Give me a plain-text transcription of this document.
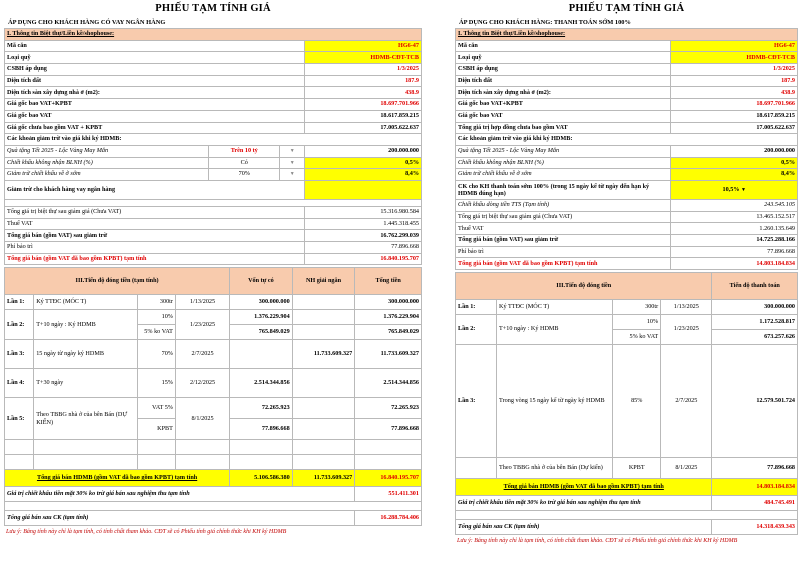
PHIẾU TẠM TÍNH GIÁ
ÁP DỤNG CHO KHÁCH HÀNG CÓ VAY NGÂN HÀNG
I. Thông tin Biệt thự/Liền kề/shophouse:			
Mã căn			HG6-47
Loại quỹ			HDMB-CĐT-TCB
CSBH áp dụng			1/3/2025
Diện tích đất			187.9
Diện tích sàn xây dựng nhà ở (m2):			438.9
Giá gốc bao VAT+KPBT			18.697.701.966
Giá gốc bao VAT			18.617.859.215
Giá gốc chưa bao gồm VAT + KPBT			17.005.622.637
Các khoản giảm trừ vào giá khi ký HDMB:			
Quà tặng Tết 2025 - Lộc Vàng May Mắn	Trên 10 tỷ	▼	200.000.000
Chiết khấu không nhận BLNH (%)	Có	▼	0,5%
Giảm trừ chiết khấu về ở sớm	70%	▼	8,4%
Giảm trừ cho khách hàng vay ngân hàng			

Tổng giá trị biệt thự sau giảm giá (Chưa VAT)			15.316.980.584
Thuế VAT			1.445.318.455
Tổng giá bán (gồm VAT) sau giảm trừ			16.762.299.039
Phí bảo trì			77.896.668
Tổng giá bán (gồm VAT đã bao gồm KPBT) tạm tính			16.840.195.707
III.Tiến độ đóng tiền (tạm tính)				Vốn tự có	NH giải ngân	Tổng tiền
Lần 1:	Ký TTĐC (MÓC T)	300tr	1/13/2025	300.000.000		300.000.000
Lần 2:	T+10 ngày : Ký HDMB	10%	1/23/2025	1.376.229.904		1.376.229.904
		5% ko VAT		765.849.029		765.849.029
Lần 3:	15 ngày từ ngày ký HDMB	70%	2/7/2025		11.733.609.327	11.733.609.327
Lần 4:	T+30 ngày	15%	2/12/2025	2.514.344.856		2.514.344.856
Lần 5:	Theo TBBG nhà ở của bên Bán (DỰ KIẾN)	VAT 5%	8/1/2025	72.265.923		72.265.923
		KPBT		77.896.668		77.896.668

Tổng giá bán HDMB (gồm VAT đã bao gồm KPBT) tạm tính				5.106.586.380	11.733.609.327	16.840.195.707
Giá trị chiết khấu tiền mặt 30% ko trừ giá bán sau nghiệm thu tạm tính						551.411.301

Tổng giá bán sau CK (tạm tính)						16.288.784.406
Lưu ý: Bảng tính này chỉ là tạm tính, có tính chất tham khảo. CĐT sẽ có Phiếu tính giá chính thức khi KH ký HDMB
PHIẾU TẠM TÍNH GIÁ
ÁP DỤNG CHO KHÁCH HÀNG: THANH TOÁN SỚM 100%
I. Thông tin Biệt thự/Liền kề/shophouse:	
Mã căn	HG6-47
Loại quỹ	HDMB-CĐT-TCB
CSBH áp dụng	1/3/2025
Diện tích đất	187.9
Diện tích sàn xây dựng nhà ở (m2):	438.9
Giá gốc bao VAT+KPBT	18.697.701.966
Giá gốc bao VAT	18.617.859.215
Tổng giá trị hợp đồng chưa bao gồm VAT	17.005.622.637
Các khoản giảm trừ vào giá khi ký HDMB:	
Quà tặng Tết 2025 - Lộc Vàng May Mắn	200.000.000
Chiết khấu không nhận BLNH (%)	0,5%
Giảm trừ chiết khấu về ở sớm	8,4%
CK cho KH thanh toán sớm 100% (trong 15 ngày kể từ ngày đến hạn ký HDMB đúng hạn)	10,5% ▼
Chiết khấu dòng tiền TTS (Tạm tính)	243.545.105
Tổng giá trị biệt thự sau giảm giá (Chưa VAT)	13.465.152.517
Thuế VAT	1.260.135.649
Tổng giá bán (gồm VAT) sau giảm trừ	14.725.288.166
Phí bảo trì	77.896.668
Tổng giá bán (gồm VAT đã bao gồm KPBT) tạm tính	14.803.184.834
III.Tiến độ đóng tiền				Tiến độ thanh toán
Lần 1:	Ký TTĐC (MÓC T)	300tr	1/13/2025	300.000.000
Lần 2:	T+10 ngày : Ký HDMB	10%	1/23/2025	1.172.528.817
		5% ko VAT		673.257.626
Lần 3:	Trong vòng 15 ngày kể từ ngày ký HDMB	85%	2/7/2025	12.579.501.724
	Theo TBBG nhà ở của bên Bán (Dự kiến)	KPBT	8/1/2025	77.896.668
Tổng giá bán HDMB (gồm VAT đã bao gồm KPBT) tạm tính				14.803.184.834
Giá trị chiết khấu tiền mặt 30% ko trừ giá bán sau nghiệm thu tạm tính				484.745.491

Tổng giá bán sau CK (tạm tính)				14.318.439.343
Lưu ý: Bảng tính này chỉ là tạm tính, có tính chất tham khảo. CĐT sẽ có Phiếu tính giá chính thức khi KH ký HDMB
